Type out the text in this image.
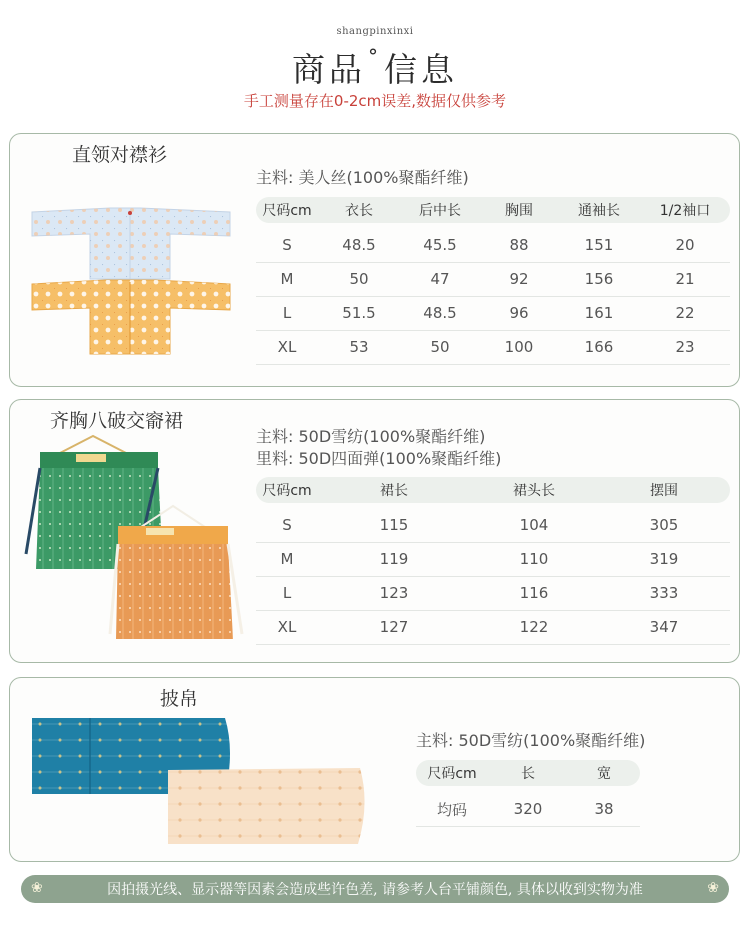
shangpinxinxi
商品 °信息
手工测量存在0-2cm误差,数据仅供参考
直领对襟衫
主料: 美人丝(100%聚酯纤维)
尺码cm	衣长	后中长	胸围	通袖长	1/2袖口
S	48.5	45.5	88	151	20
M	50	47	92	156	21
L	51.5	48.5	96	161	22
XL	53	50	100	166	23
齐胸八破交窬裙
主料: 50D雪纺(100%聚酯纤维)
里料: 50D四面弹(100%聚酯纤维)
尺码cm	裙长	裙头长	摆围
S	115	104	305
M	119	110	319
L	123	116	333
XL	127	122	347
披帛
主料: 50D雪纺(100%聚酯纤维)
尺码cm	长	宽
均码	320	38
❀	因拍摄光线、显示器等因素会造成些许色差, 请参考人台平铺颜色, 具体以收到实物为准	❀
